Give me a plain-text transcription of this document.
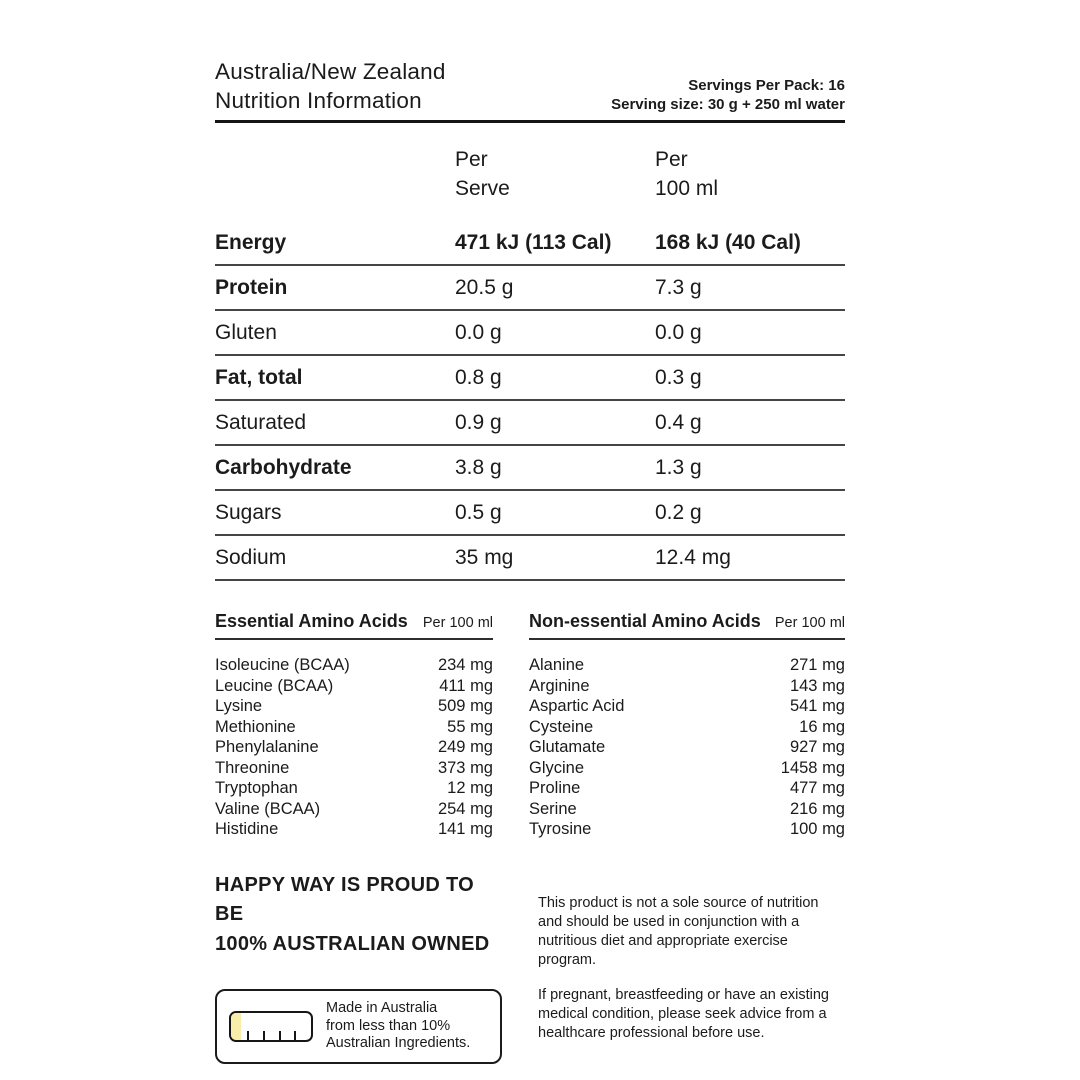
Australia/New Zealand
Nutrition Information
Servings Per Pack: 16
Serving size: 30 g + 250 ml water
Per
Serve
Per
100 ml
Energy	471 kJ (113 Cal)	168 kJ (40 Cal)
Protein	20.5 g	7.3 g
Gluten	0.0 g	0.0 g
Fat, total	0.8 g	0.3 g
Saturated	0.9 g	0.4 g
Carbohydrate	3.8 g	1.3 g
Sugars	0.5 g	0.2 g
Sodium	35 mg	12.4 mg
Essential Amino Acids Per 100 ml
Isoleucine (BCAA)	234 mg
Leucine (BCAA)	411 mg
Lysine	509 mg
Methionine	55 mg
Phenylalanine	249 mg
Threonine	373 mg
Tryptophan	12 mg
Valine (BCAA)	254 mg
Histidine	141 mg
Non-essential Amino Acids Per 100 ml
Alanine	271 mg
Arginine	143 mg
Aspartic Acid	541 mg
Cysteine	16 mg
Glutamate	927 mg
Glycine	1458 mg
Proline	477 mg
Serine	216 mg
Tyrosine	100 mg
HAPPY WAY IS PROUD TO BE
100% AUSTRALIAN OWNED
Made in Australia
from less than 10%
Australian Ingredients.
This product is not a sole source of nutrition and should be used in conjunction with a nutritious diet and appropriate exercise program.
If pregnant, breastfeeding or have an existing medical condition, please seek advice from a healthcare professional before use.
